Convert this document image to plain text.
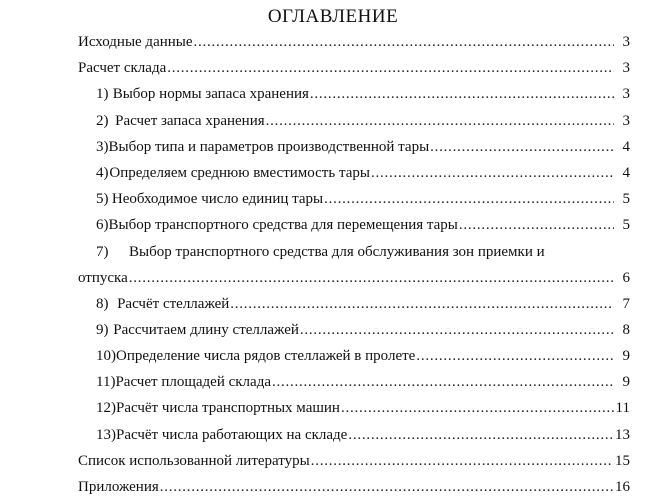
ОГЛАВЛЕНИЕ
Исходные данные . . .	3
Расчет склада . . .	3
1) Выбор нормы запаса хранения . . .	3
2) Расчет запаса хранения . . .	3
3) Выбор типа и параметров производственной тары . . .	4
4) Определяем среднюю вместимость тары . . .	4
5) Необходимое число единиц тары . . .	5
6) Выбор транспортного средства для перемещения тары . . .	5
7)	Выбор транспортного средства для обслуживания зон приемки и
отпуска . . .	6
8) Расчёт стеллажей . . .	7
9) Рассчитаем длину стеллажей . . .	8
10) Определение числа рядов стеллажей в пролете . . .	9
11) Расчет площадей склада . . .	9
12) Расчёт числа транспортных машин . . .	11
13) Расчёт числа работающих на складе . . .	13
Список использованной литературы . . .	15
Приложения . . .	16
